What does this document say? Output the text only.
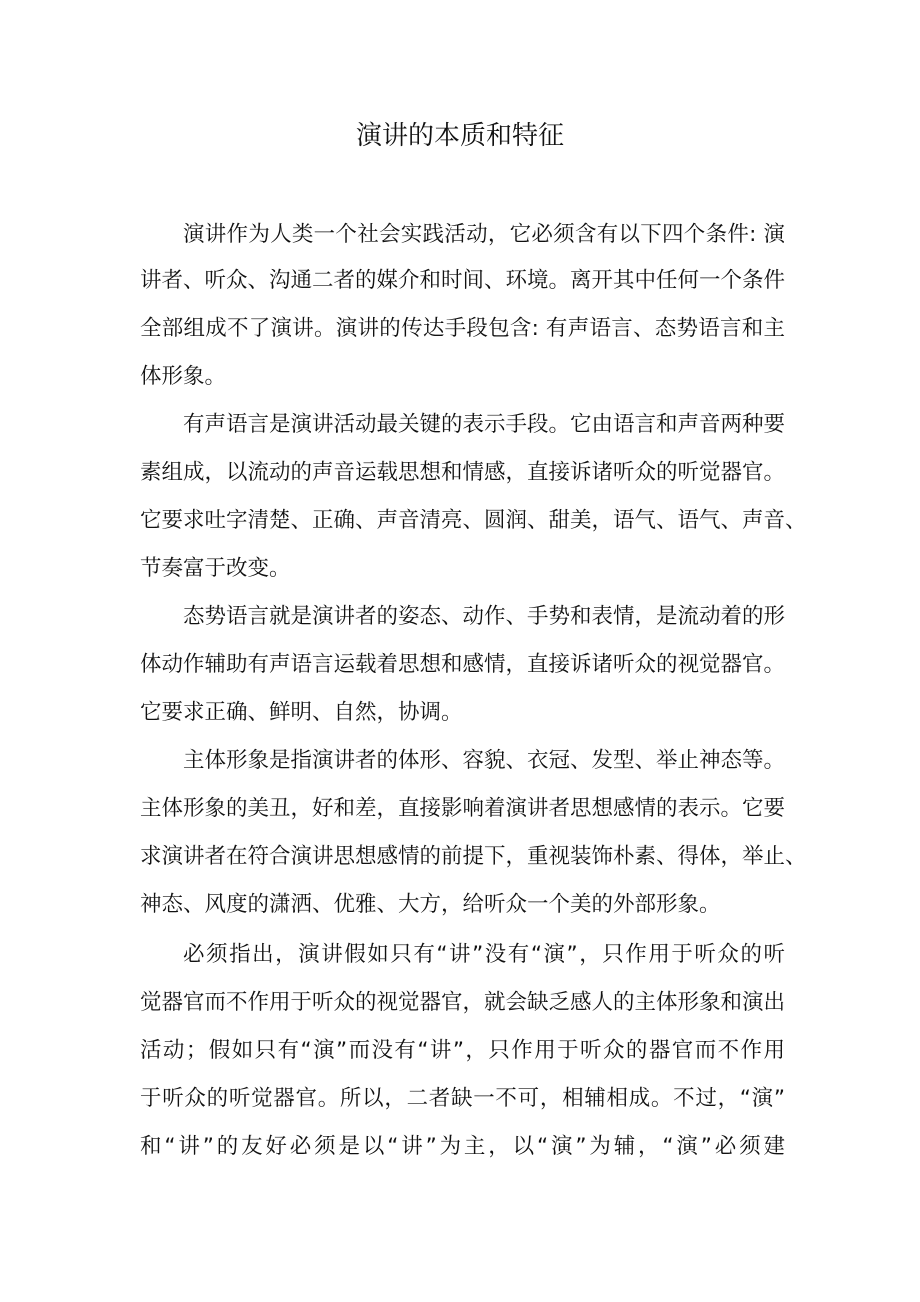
演讲的本质和特征

演讲作为人类一个社会实践活动，它必须含有以下四个条件: 演

讲者、听众、沟通二者的媒介和时间、环境。离开其中任何一个条件

全部组成不了演讲。演讲的传达手段包含: 有声语言、态势语言和主

体形象。

有声语言是演讲活动最关键的表示手段。它由语言和声音两种要

素组成，以流动的声音运载思想和情感，直接诉诸听众的听觉器官。

它要求吐字清楚、正确、声音清亮、圆润、甜美，语气、语气、声音、

节奏富于改变。

态势语言就是演讲者的姿态、动作、手势和表情，是流动着的形

体动作辅助有声语言运载着思想和感情，直接诉诸听众的视觉器官。

它要求正确、鲜明、自然，协调。

主体形象是指演讲者的体形、容貌、衣冠、发型、举止神态等。

主体形象的美丑，好和差，直接影响着演讲者思想感情的表示。它要

求演讲者在符合演讲思想感情的前提下，重视装饰朴素、得体，举止、

神态、风度的潇洒、优雅、大方，给听众一个美的外部形象。

必须指出，演讲假如只有“讲”没有“演”，只作用于听众的听

觉器官而不作用于听众的视觉器官，就会缺乏感人的主体形象和演出

活动；假如只有“演”而没有“讲”，只作用于听众的器官而不作用

于听众的听觉器官。所以，二者缺一不可，相辅相成。不过，“演”

和“讲”的友好必须是以“讲”为主，以“演”为辅，“演”必须建
